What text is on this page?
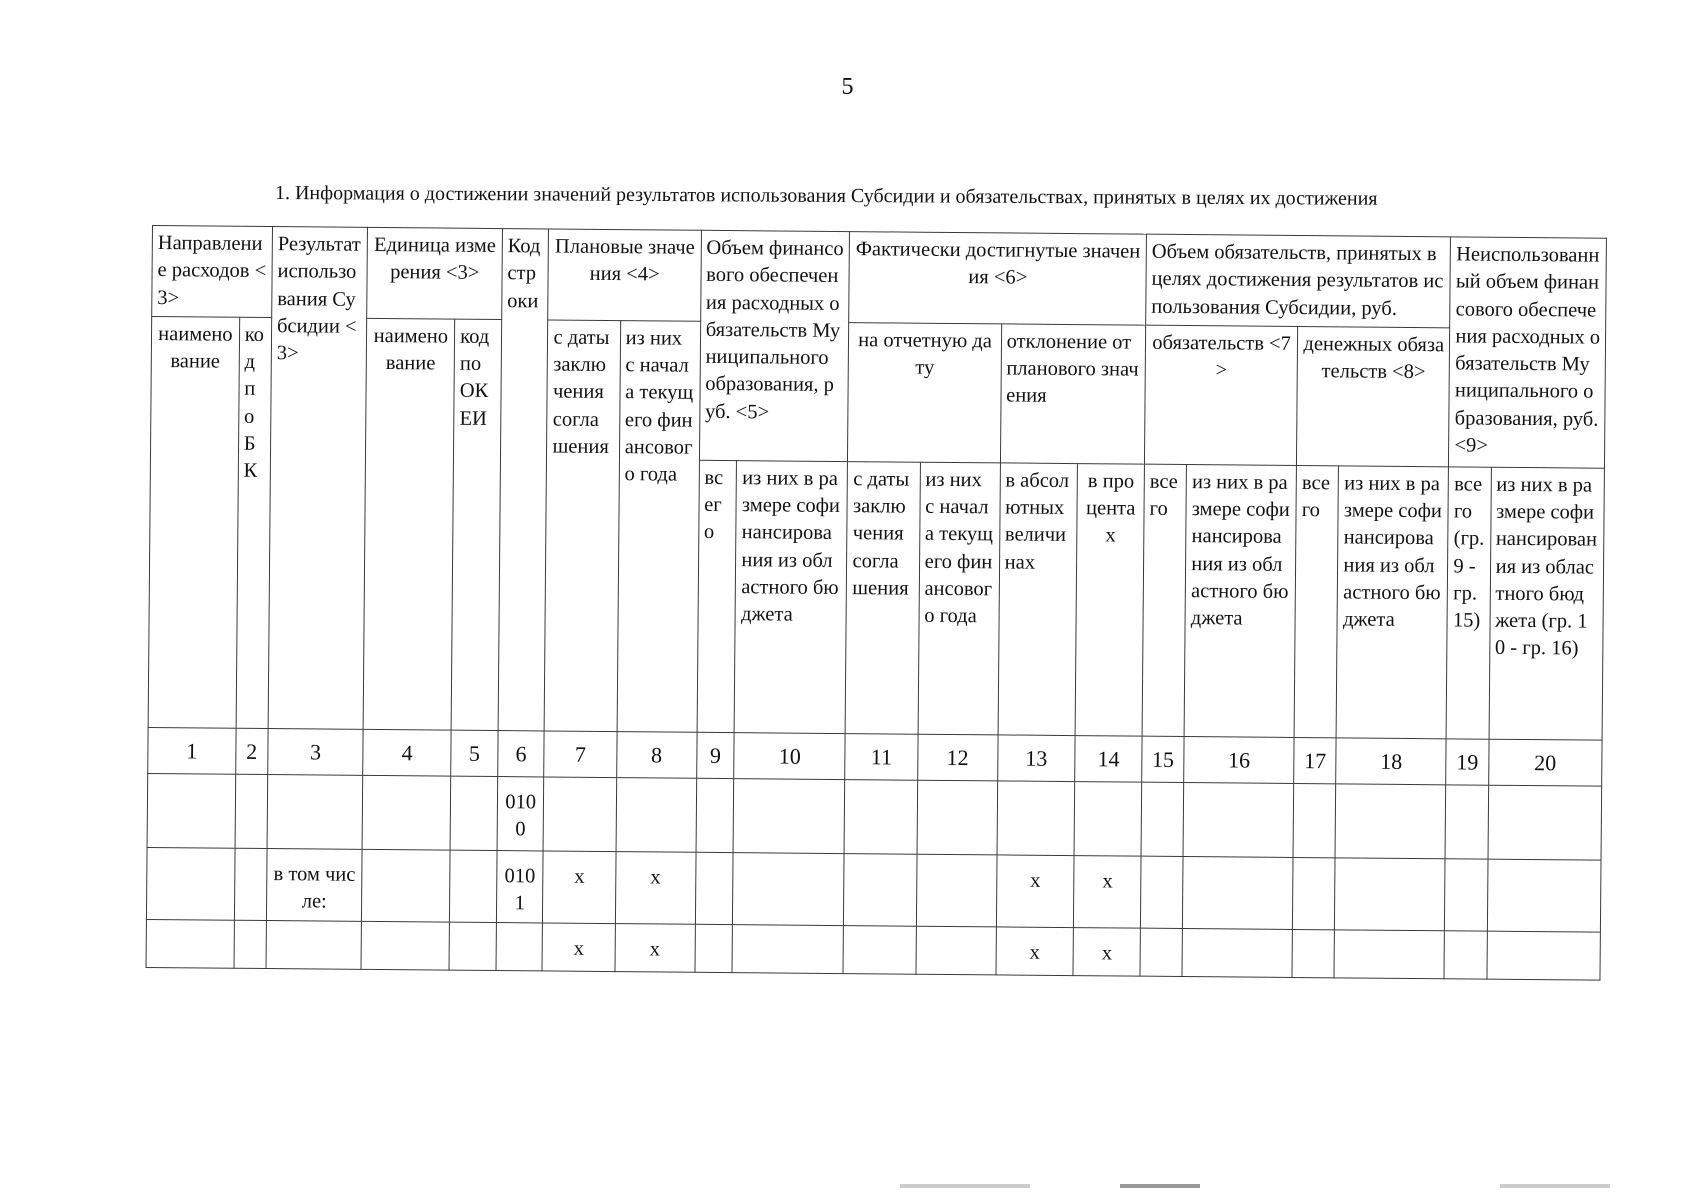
5
1. Информация о достижении значений результатов использования Субсидии и обязательствах, принятых в целях их достижения
Направление расходов <3>		Результат использования Субсидии <3>	Единица измерения <3>		Код строки	Плановые значения <4>		Объем финансового обеспечения расходных обязательств Муниципального образования, руб. <5>		Фактически достигнутые значения <6>				Объем обязательств, принятых в целях достижения результатов использования Субсидии, руб.				Неиспользованный объем финансового обеспечения расходных обязательств Муниципального образования, руб. <9>	
наименование	код по БК		наименование	код по ОКЕИ		с даты заключения соглашения	из них с начала текущего финансового года			на отчетную дату		отклонение от планового значения		обязательств <7>		денежных обязательств <8>			
								всего	из них в размере софинансирования из областного бюджета	с даты заключения соглашения	из них с начала текущего финансового года	в абсолютных величинах	в процентах	всего	из них в размере софинансирования из областного бюджета	всего	из них в размере софинансирования из областного бюджета	всего (гр. 9 - гр. 15)	из них в размере софинансирования из областного бюджета (гр. 10 - гр. 16)
1	2	3	4	5	6	7	8	9	10	11	12	13	14	15	16	17	18	19	20
					0100														
		в том числе:			0101	x	x					x	x						
						x	x					x	x						
